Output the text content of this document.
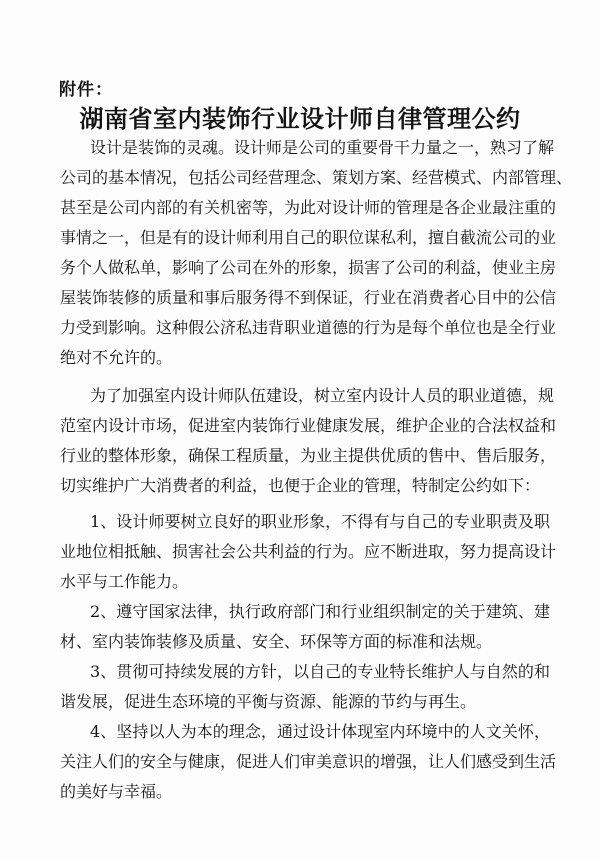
附件：
湖南省室内装饰行业设计师自律管理公约
设计是装饰的灵魂。设计师是公司的重要骨干力量之一，熟习了解
公司的基本情况，包括公司经营理念、策划方案、经营模式、内部管理、
甚至是公司内部的有关机密等，为此对设计师的管理是各企业最注重的
事情之一，但是有的设计师利用自己的职位谋私利，擅自截流公司的业
务个人做私单，影响了公司在外的形象，损害了公司的利益，使业主房
屋装饰装修的质量和事后服务得不到保证，行业在消费者心目中的公信
力受到影响。这种假公济私违背职业道德的行为是每个单位也是全行业
绝对不允许的。
为了加强室内设计师队伍建设，树立室内设计人员的职业道德，规
范室内设计市场，促进室内装饰行业健康发展，维护企业的合法权益和
行业的整体形象，确保工程质量，为业主提供优质的售中、售后服务，
切实维护广大消费者的利益，也便于企业的管理，特制定公约如下：
1、设计师要树立良好的职业形象，不得有与自己的专业职责及职
业地位相抵触、损害社会公共利益的行为。应不断进取，努力提高设计
水平与工作能力。
2、遵守国家法律，执行政府部门和行业组织制定的关于建筑、建
材、室内装饰装修及质量、安全、环保等方面的标准和法规。
3、贯彻可持续发展的方针，以自己的专业特长维护人与自然的和
谐发展，促进生态环境的平衡与资源、能源的节约与再生。
4、坚持以人为本的理念，通过设计体现室内环境中的人文关怀，
关注人们的安全与健康，促进人们审美意识的增强，让人们感受到生活
的美好与幸福。
